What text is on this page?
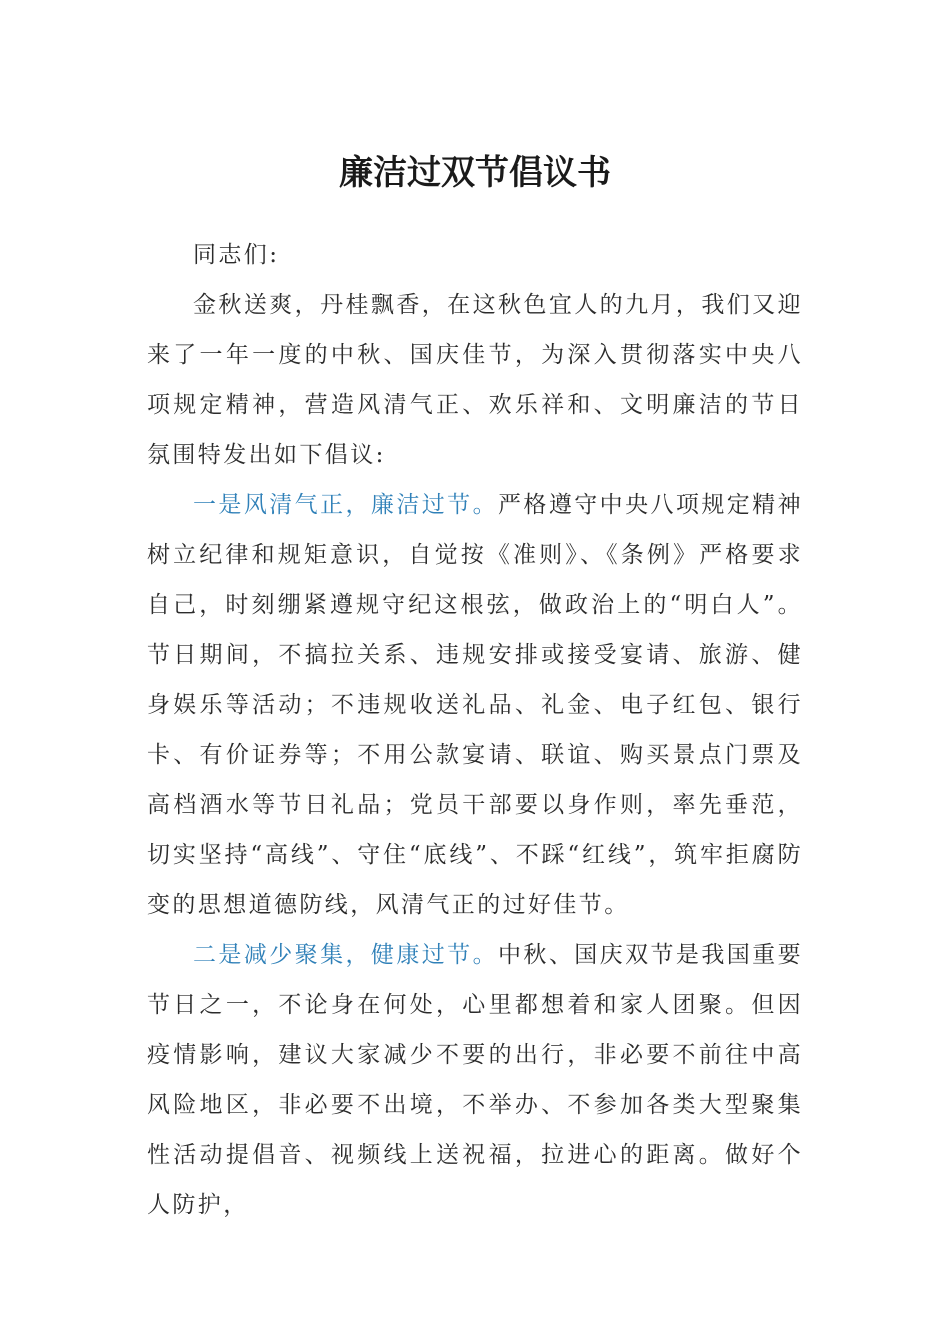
廉洁过双节倡议书

同志们:

金秋送爽，丹桂飘香，在这秋色宜人的九月，我们又迎来了一年一度的中秋、国庆佳节，为深入贯彻落实中央八项规定精神，营造风清气正、欢乐祥和、文明廉洁的节日氛围特发出如下倡议:

一是风清气正，廉洁过节。严格遵守中央八项规定精神树立纪律和规矩意识，自觉按《准则》、《条例》严格要求自己，时刻绷紧遵规守纪这根弦，做政治上的“明白人”。节日期间，不搞拉关系、违规安排或接受宴请、旅游、健身娱乐等活动；不违规收送礼品、礼金、电子红包、银行卡、有价证券等；不用公款宴请、联谊、购买景点门票及高档酒水等节日礼品；党员干部要以身作则，率先垂范，切实坚持“高线”、守住“底线”、不踩“红线”，筑牢拒腐防变的思想道德防线，风清气正的过好佳节。

二是减少聚集，健康过节。中秋、国庆双节是我国重要节日之一，不论身在何处，心里都想着和家人团聚。但因疫情影响，建议大家减少不要的出行，非必要不前往中高风险地区，非必要不出境，不举办、不参加各类大型聚集性活动提倡音、视频线上送祝福，拉进心的距离。做好个人防护，
